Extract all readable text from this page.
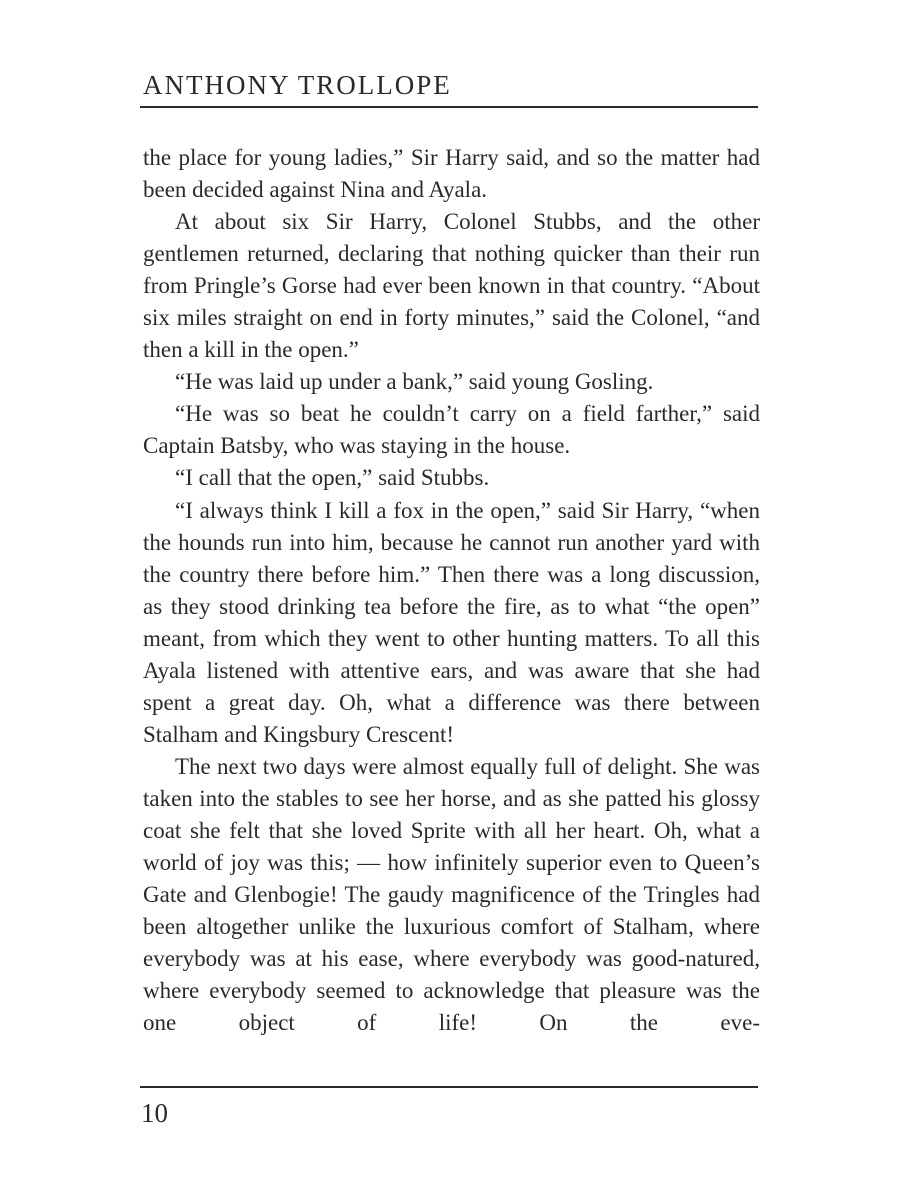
ANTHONY TROLLOPE

the place for young ladies,” Sir Harry said, and so the matter had been decided against Nina and Ayala.

At about six Sir Harry, Colonel Stubbs, and the other gentlemen returned, declaring that nothing quicker than their run from Pringle’s Gorse had ever been known in that country. “About six miles straight on end in forty minutes,” said the Colonel, “and then a kill in the open.”

“He was laid up under a bank,” said young Gosling.

“He was so beat he couldn’t carry on a field farther,” said Captain Batsby, who was staying in the house.

“I call that the open,” said Stubbs.

“I always think I kill a fox in the open,” said Sir Harry, “when the hounds run into him, because he cannot run another yard with the country there before him.” Then there was a long discussion, as they stood drinking tea before the fire, as to what “the open” meant, from which they went to other hunting matters. To all this Ayala listened with attentive ears, and was aware that she had spent a great day. Oh, what a difference was there between Stalham and Kingsbury Crescent!

The next two days were almost equally full of delight. She was taken into the stables to see her horse, and as she patted his glossy coat she felt that she loved Sprite with all her heart. Oh, what a world of joy was this; — how infinitely superior even to Queen’s Gate and Glenbogie! The gaudy magnificence of the Tringles had been altogether unlike the luxurious comfort of Stalham, where everybody was at his ease, where everybody was good-natured, where everybody seemed to acknowledge that pleasure was the one object of life! On the eve-

10
